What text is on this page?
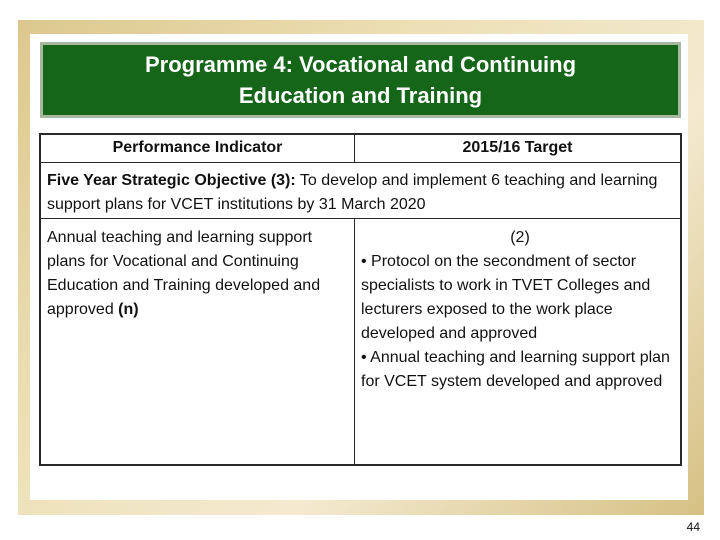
Programme 4: Vocational and Continuing
Education and Training
Performance Indicator	2015/16 Target
Five Year Strategic Objective (3): To develop and implement 6 teaching and learning support plans for VCET institutions by 31 March 2020
Annual teaching and learning support plans for Vocational and Continuing Education and Training developed and approved (n)
(2)
• Protocol on the secondment of sector specialists to work in TVET Colleges and lecturers exposed to the work place developed and approved
• Annual teaching and learning support plan for VCET system developed and approved
44
